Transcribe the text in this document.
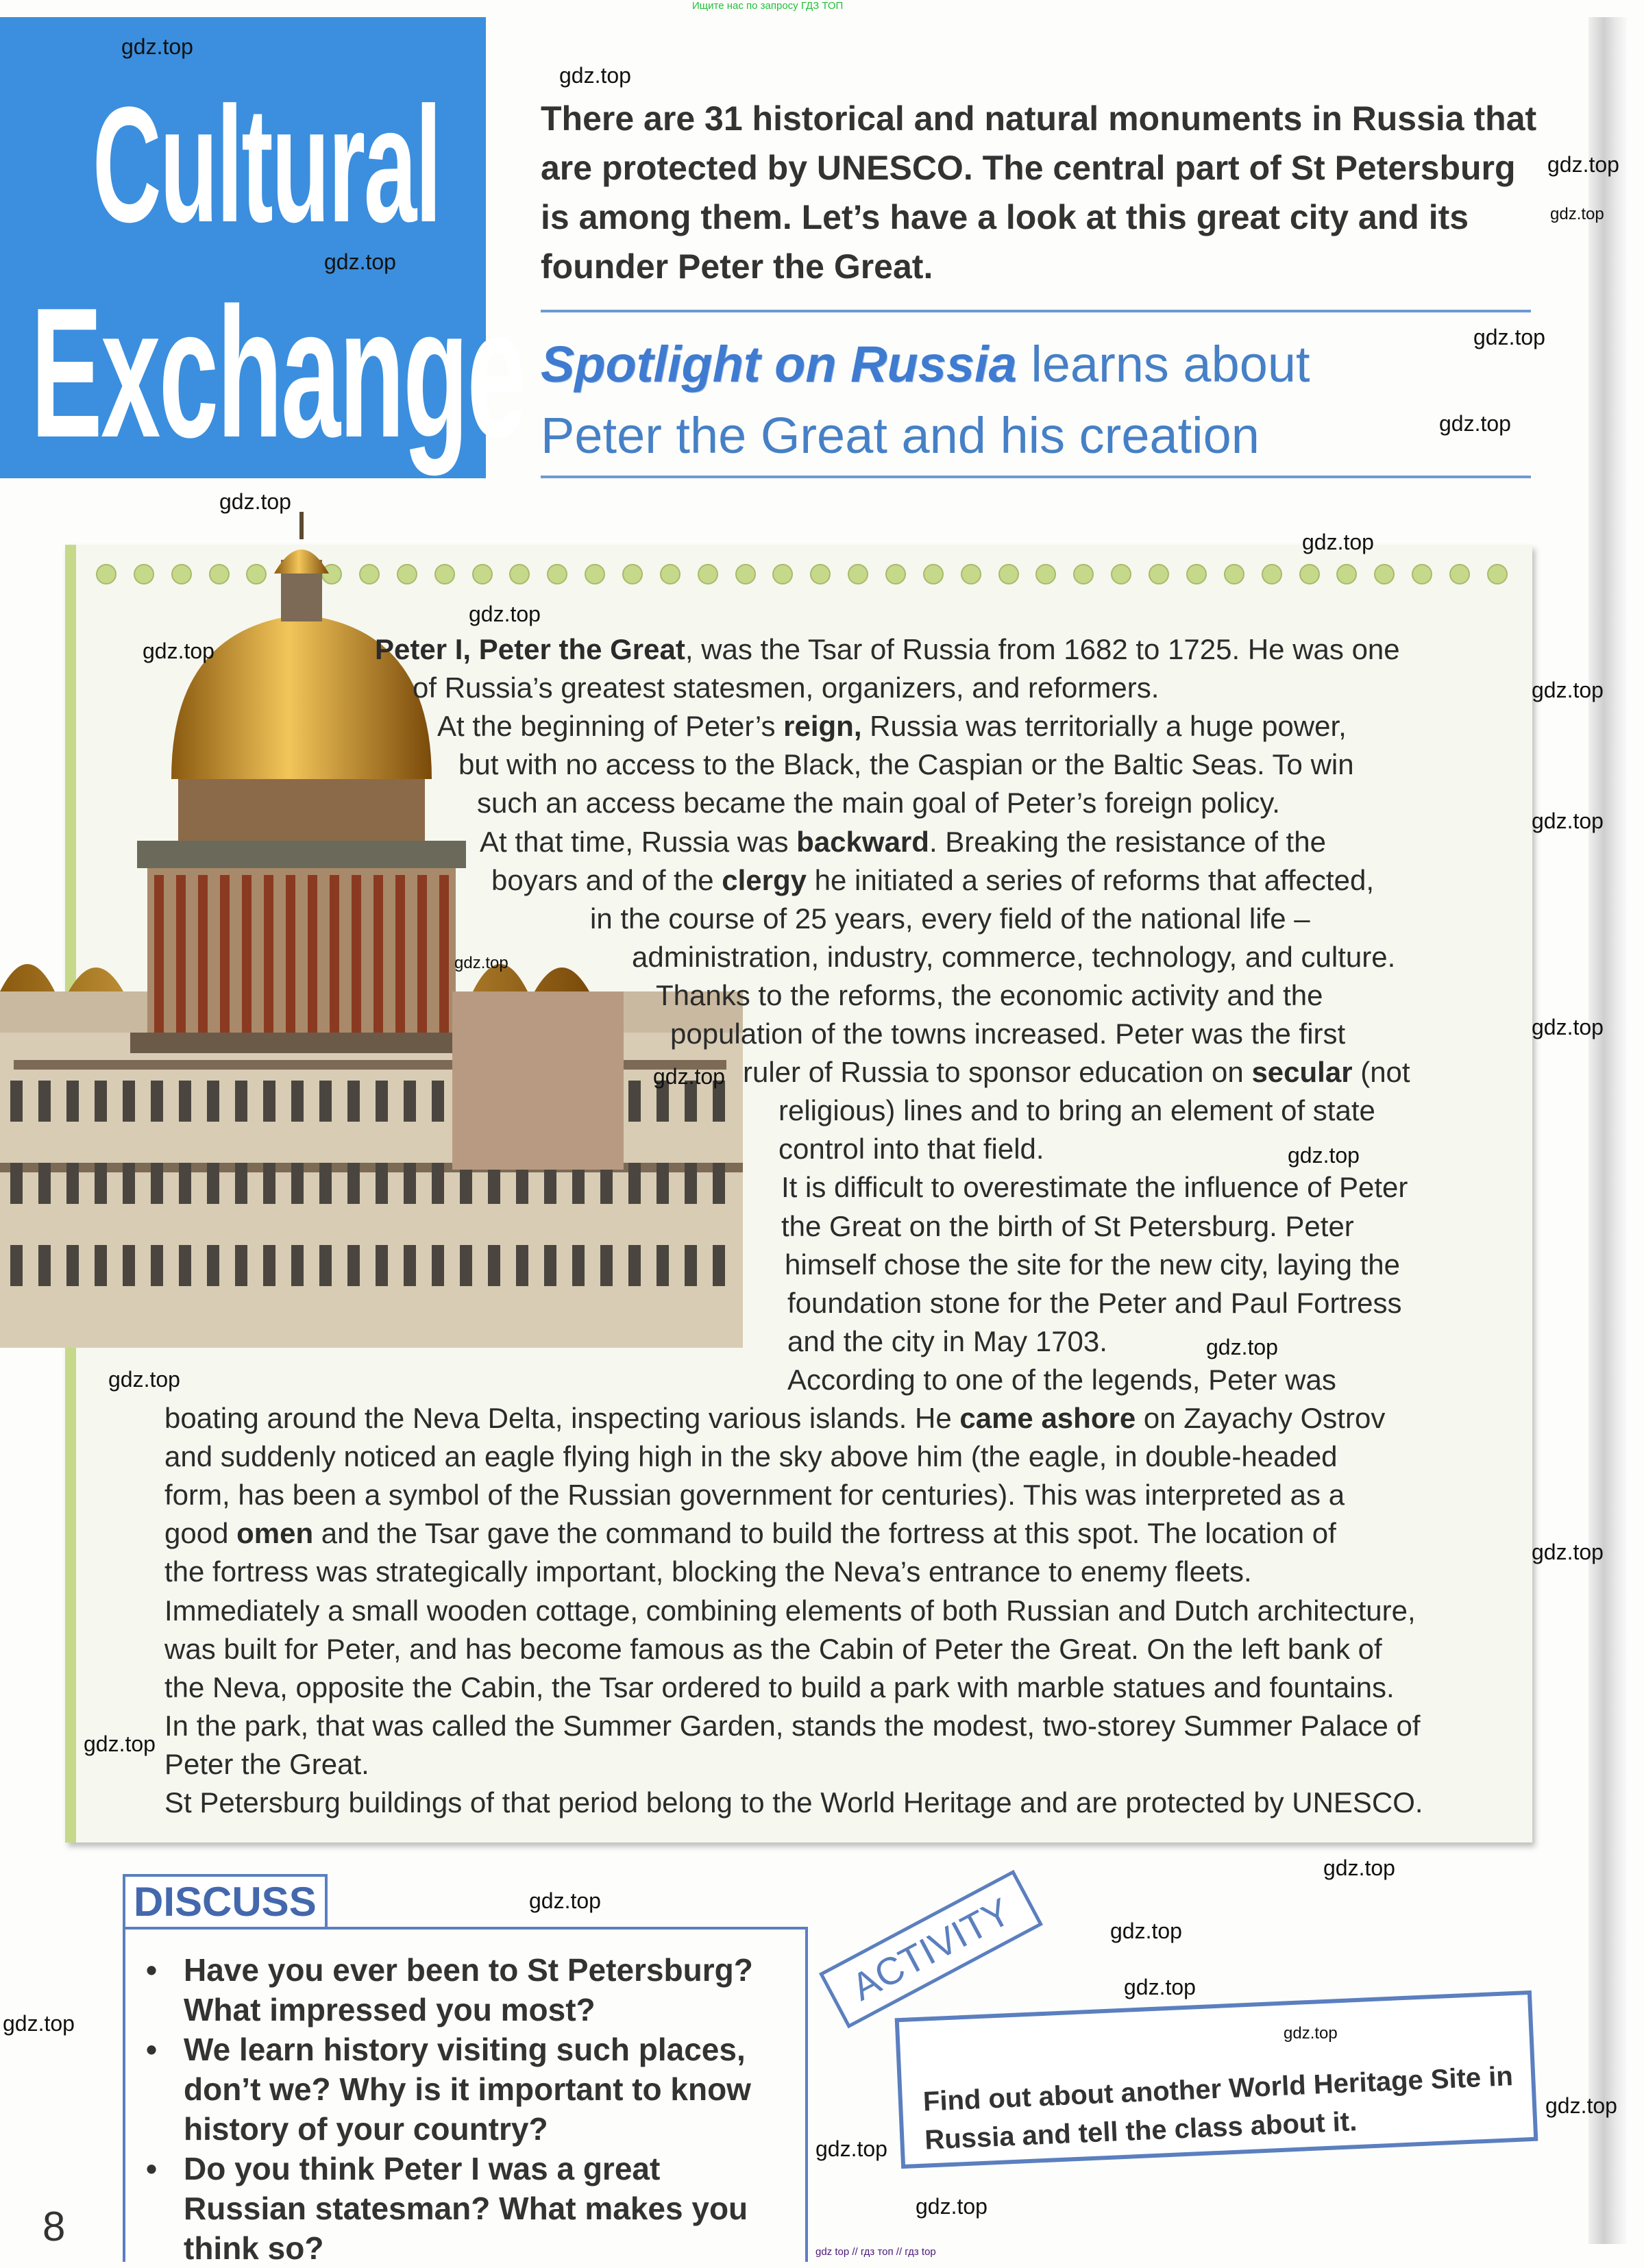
Ищите нас по запросу ГДЗ ТОП
Cultural
Exchange
There are 31 historical and natural monuments in Russia that are protected by UNESCO. The central part of St Petersburg is among them. Let’s have a look at this great city and its founder Peter the Great.
Spotlight on Russia learns about
Peter the Great and his creation
Peter I, Peter the Great, was the Tsar of Russia from 1682 to 1725. He was one
of Russia’s greatest statesmen, organizers, and reformers.
At the beginning of Peter’s reign, Russia was territorially a huge power,
but with no access to the Black, the Caspian or the Baltic Seas. To win
such an access became the main goal of Peter’s foreign policy.
At that time, Russia was backward. Breaking the resistance of the
boyars and of the clergy he initiated a series of reforms that affected,
in the course of 25 years, every field of the national life –
administration, industry, commerce, technology, and culture.
Thanks to the reforms, the economic activity and the
population of the towns increased. Peter was the first
ruler of Russia to sponsor education on secular (not
religious) lines and to bring an element of state
control into that field.
It is difficult to overestimate the influence of Peter
the Great on the birth of St Petersburg. Peter
himself chose the site for the new city, laying the
foundation stone for the Peter and Paul Fortress
and the city in May 1703.
According to one of the legends, Peter was
boating around the Neva Delta, inspecting various islands. He came ashore on Zayachy Ostrov
and suddenly noticed an eagle flying high in the sky above him (the eagle, in double-headed
form, has been a symbol of the Russian government for centuries). This was interpreted as a
good omen and the Tsar gave the command to build the fortress at this spot. The location of
the fortress was strategically important, blocking the Neva’s entrance to enemy fleets.
Immediately a small wooden cottage, combining elements of both Russian and Dutch architecture,
was built for Peter, and has become famous as the Cabin of Peter the Great. On the left bank of
the Neva, opposite the Cabin, the Tsar ordered to build a park with marble statues and fountains.
In the park, that was called the Summer Garden, stands the modest, two-storey Summer Palace of
Peter the Great.
St Petersburg buildings of that period belong to the World Heritage and are protected by UNESCO.
DISCUSS
• Have you ever been to St Petersburg? What impressed you most?
• We learn history visiting such places, don’t we? Why is it important to know history of your country?
• Do you think Peter I was a great Russian statesman? What makes you think so?
Find out about another World Heritage Site in Russia and tell the class about it.
ACTIVITY
8
gdz top // гдз топ // гдз top
gdz.top
gdz.top
gdz.top
gdz.top
gdz.top
gdz.top
gdz.top
gdz.top
gdz.top
gdz.top
gdz.top
gdz.top
gdz.top
gdz.top
gdz.top
gdz.top
gdz.top
gdz.top
gdz.top
gdz.top
gdz.top
gdz.top
gdz.top
gdz.top
gdz.top
gdz.top
gdz.top
gdz.top
gdz.top
gdz.top
